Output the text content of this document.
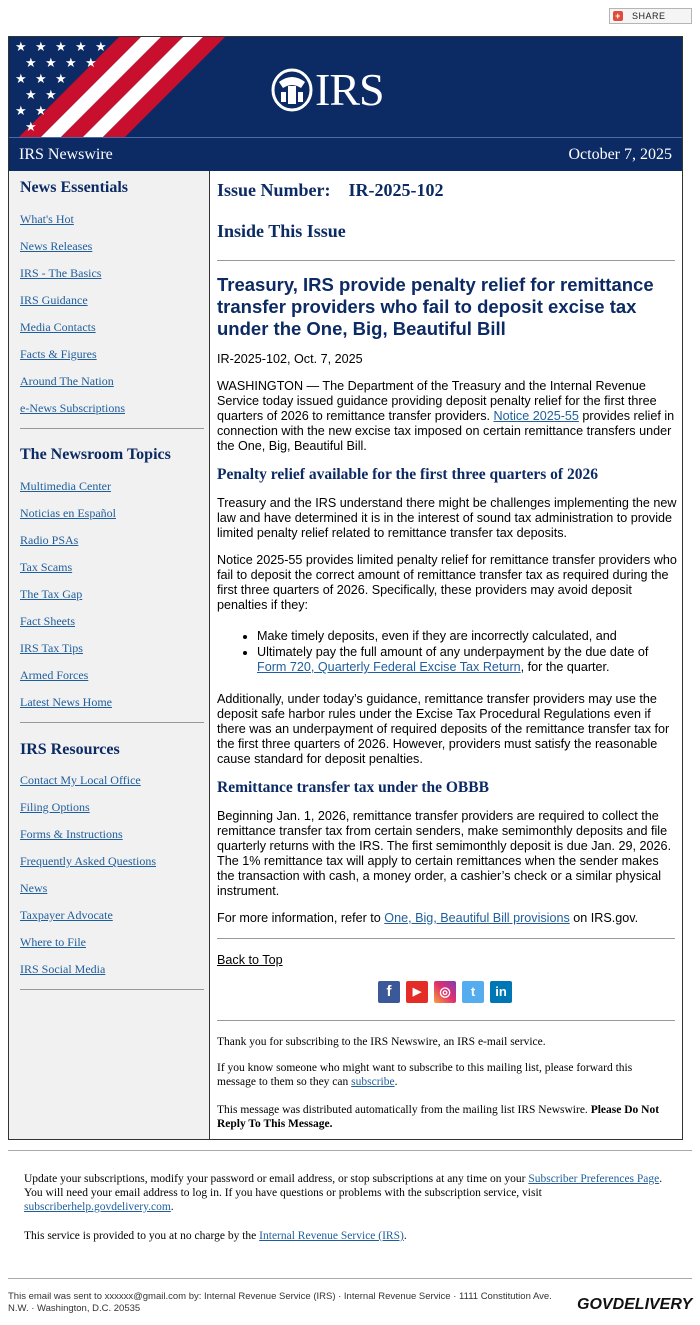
+ SHARE
★ ★ ★ ★ ★
★ ★ ★ ★
★ ★ ★
★ ★
★ ★
★
IRS
IRS Newswire	October 7, 2025
News Essentials
What's Hot
News Releases
IRS - The Basics
IRS Guidance
Media Contacts
Facts & Figures
Around The Nation
e-News Subscriptions
The Newsroom Topics
Multimedia Center
Noticias en Español
Radio PSAs
Tax Scams
The Tax Gap
Fact Sheets
IRS Tax Tips
Armed Forces
Latest News Home
IRS Resources
Contact My Local Office
Filing Options
Forms & Instructions
Frequently Asked Questions
News
Taxpayer Advocate
Where to File
IRS Social Media
Issue Number: IR-2025-102
Inside This Issue
Treasury, IRS provide penalty relief for remittance transfer providers who fail to deposit excise tax under the One, Big, Beautiful Bill
IR-2025-102, Oct. 7, 2025
WASHINGTON — The Department of the Treasury and the Internal Revenue Service today issued guidance providing deposit penalty relief for the first three quarters of 2026 to remittance transfer providers. Notice 2025-55 provides relief in connection with the new excise tax imposed on certain remittance transfers under the One, Big, Beautiful Bill.
Penalty relief available for the first three quarters of 2026
Treasury and the IRS understand there might be challenges implementing the new law and have determined it is in the interest of sound tax administration to provide limited penalty relief related to remittance transfer tax deposits.
Notice 2025-55 provides limited penalty relief for remittance transfer providers who fail to deposit the correct amount of remittance transfer tax as required during the first three quarters of 2026. Specifically, these providers may avoid deposit penalties if they:
• Make timely deposits, even if they are incorrectly calculated, and
• Ultimately pay the full amount of any underpayment by the due date of Form 720, Quarterly Federal Excise Tax Return, for the quarter.
Additionally, under today’s guidance, remittance transfer providers may use the deposit safe harbor rules under the Excise Tax Procedural Regulations even if there was an underpayment of required deposits of the remittance transfer tax for the first three quarters of 2026. However, providers must satisfy the reasonable cause standard for deposit penalties.
Remittance transfer tax under the OBBB
Beginning Jan. 1, 2026, remittance transfer providers are required to collect the remittance transfer tax from certain senders, make semimonthly deposits and file quarterly returns with the IRS. The first semimonthly deposit is due Jan. 29, 2026. The 1% remittance tax will apply to certain remittances when the sender makes the transaction with cash, a money order, a cashier’s check or a similar physical instrument.
For more information, refer to One, Big, Beautiful Bill provisions on IRS.gov.
Back to Top
f	▶	◎	t	in
Thank you for subscribing to the IRS Newswire, an IRS e-mail service.
If you know someone who might want to subscribe to this mailing list, please forward this message to them so they can subscribe.
This message was distributed automatically from the mailing list IRS Newswire. Please Do Not Reply To This Message.
Update your subscriptions, modify your password or email address, or stop subscriptions at any time on your Subscriber Preferences Page. You will need your email address to log in. If you have questions or problems with the subscription service, visit subscriberhelp.govdelivery.com.
This service is provided to you at no charge by the Internal Revenue Service (IRS).
This email was sent to xxxxxx@gmail.com by: Internal Revenue Service (IRS) · Internal Revenue Service · 1111 Constitution Ave. N.W. · Washington, D.C. 20535	GOVDELIVERY
